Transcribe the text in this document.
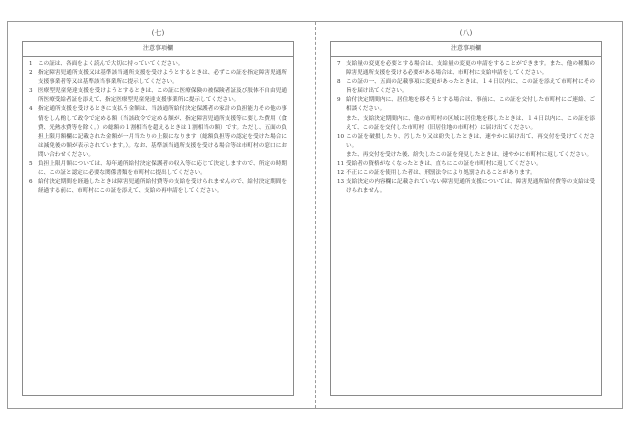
(七)
注意事項欄
1 この証は、各面をよく読んで大切に持っていてください。
2 指定障害児通所支援又は基準該当通所支援を受けようとするときは、必ずこの証を指定障害児通所支援事業者等又は基準該当事業所に提示してください。
3 医療型児童発達支援を受けようとするときは、この証に医療保険の被保険者証及び肢体不自由児通所医療受給者証を添えて、指定医療型児童発達支援事業所に提示してください。
4 指定通所支援を受けるときに支払う金額は、当該通所給付決定保護者の家計の負担能力その他の事情をしん酌して政令で定める額（当該政令で定める額が、指定障害児通所支援等に要した費用（食費、光熱水費等を除く。）の総額の１割相当を超えるときは１割相当の額）です。ただし、五面の負担上限月額欄に記載された金額が一月当たりの上限になります（総額負担等の認定を受けた場合には減免後の額が表示されています。）。なお、基準該当通所支援を受ける場合等は市町村の窓口にお問い合わせください。
5 負担上限月額については、毎年通所給付決定保護者の収入等に応じて決定しますので、所定の時期に、この証と認定に必要な関係書類を市町村に提出してください。
6 給付決定期間を経過したときは障害児通所給付費等の支給を受けられませんので、給付決定期間を経過する前に、市町村にこの証を添えて、支給の再申請をしてください。
(八)
注意事項欄
7 支給量の変更を必要とする場合は、支給量の変更の申請をすることができます。また、他の種類の障害児通所支援を受ける必要がある場合は、市町村に支給申請をしてください。
8 この証の一、五面の記載事項に変更があったときは、１４日以内に、この証を添えて市町村にその旨を届け出てください。
9 給付決定期間内に、居住地を移そうとする場合は、事前に、この証を交付した市町村にご連絡、ご相談ください。
また、支給決定期間内に、他の市町村の区域に居住地を移したときは、１４日以内に、この証を添えて、この証を交付した市町村（旧居住地の市町村）に届け出てください。
10 この証を破損したり、汚したり又は紛失したときは、速やかに届け出て、再交付を受けてください。
また、再交付を受けた後、紛失したこの証を発見したときは、速やかに市町村に返してください。
11 受給者の資格がなくなったときは、直ちにこの証を市町村に返してください。
12 不正にこの証を使用した者は、刑罰法令により処罰されることがあります。
13 支給決定の内容欄に記載されていない障害児通所支援については、障害児通所給付費等の支給は受けられません。
